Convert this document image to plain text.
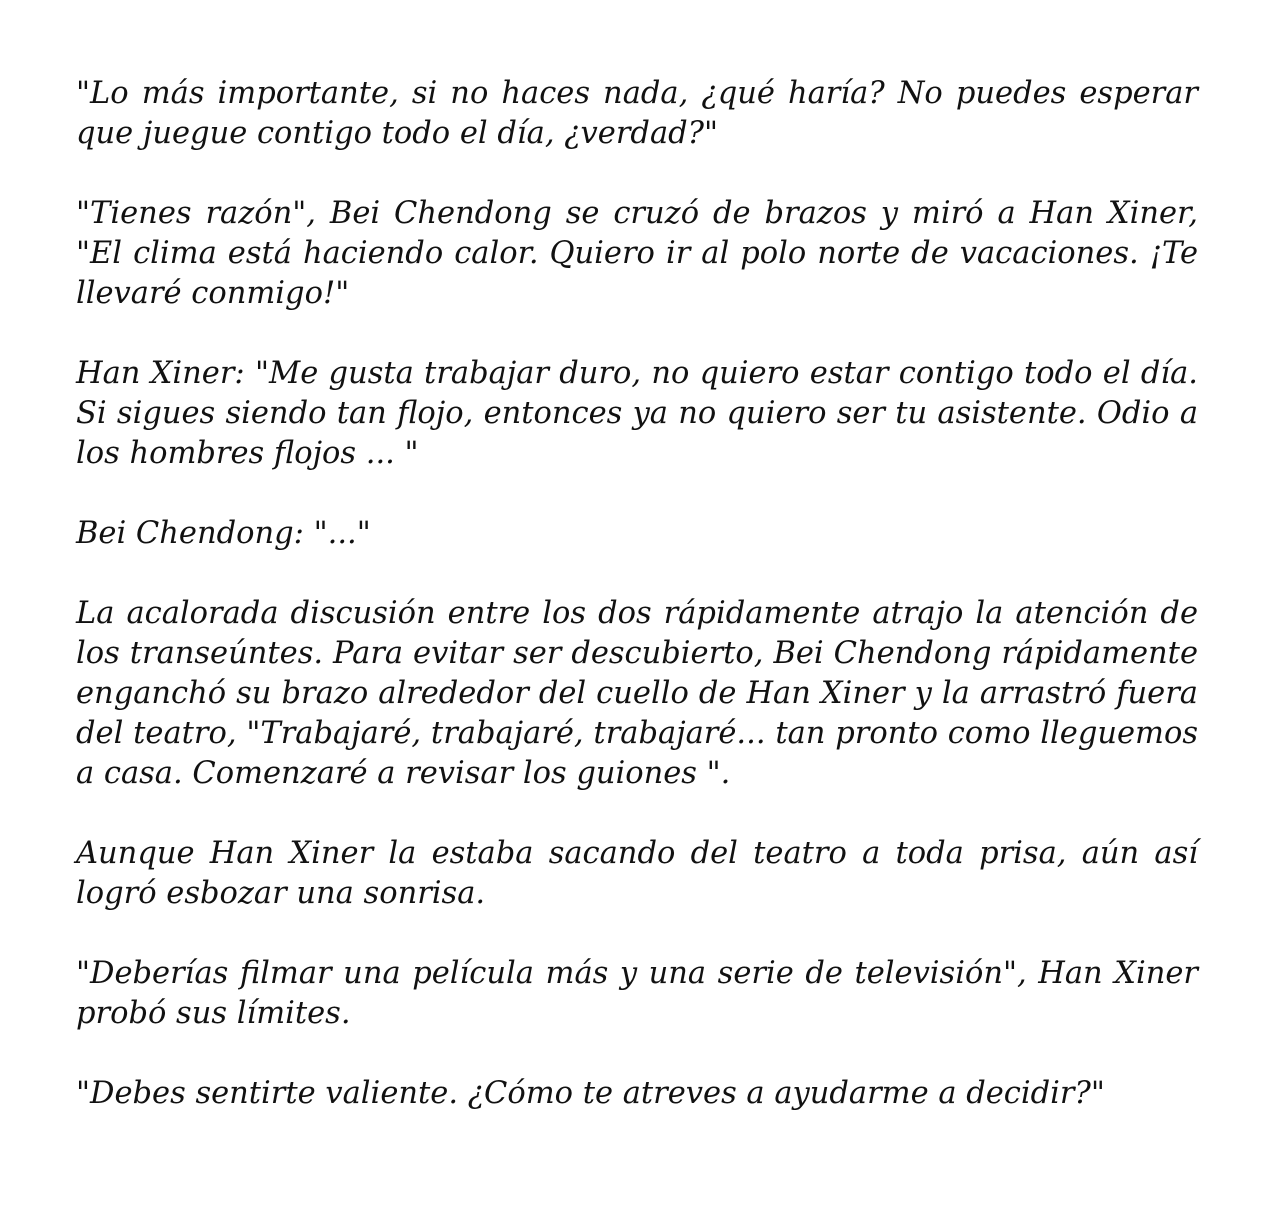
"Lo más importante, si no haces nada, ¿qué haría? No puedes esperar que juegue contigo todo el día, ¿verdad?"

"Tienes razón", Bei Chendong se cruzó de brazos y miró a Han Xiner, "El clima está haciendo calor. Quiero ir al polo norte de vacaciones. ¡Te llevaré conmigo!"

Han Xiner: "Me gusta trabajar duro, no quiero estar contigo todo el día. Si sigues siendo tan flojo, entonces ya no quiero ser tu asistente. Odio a los hombres flojos ... "

Bei Chendong: "..."

La acalorada discusión entre los dos rápidamente atrajo la atención de los transeúntes. Para evitar ser descubierto, Bei Chendong rápidamente enganchó su brazo alrededor del cuello de Han Xiner y la arrastró fuera del teatro, "Trabajaré, trabajaré, trabajaré... tan pronto como lleguemos a casa. Comenzaré a revisar los guiones ".

Aunque Han Xiner la estaba sacando del teatro a toda prisa, aún así logró esbozar una sonrisa.

"Deberías filmar una película más y una serie de televisión", Han Xiner probó sus límites.

"Debes sentirte valiente. ¿Cómo te atreves a ayudarme a decidir?"
